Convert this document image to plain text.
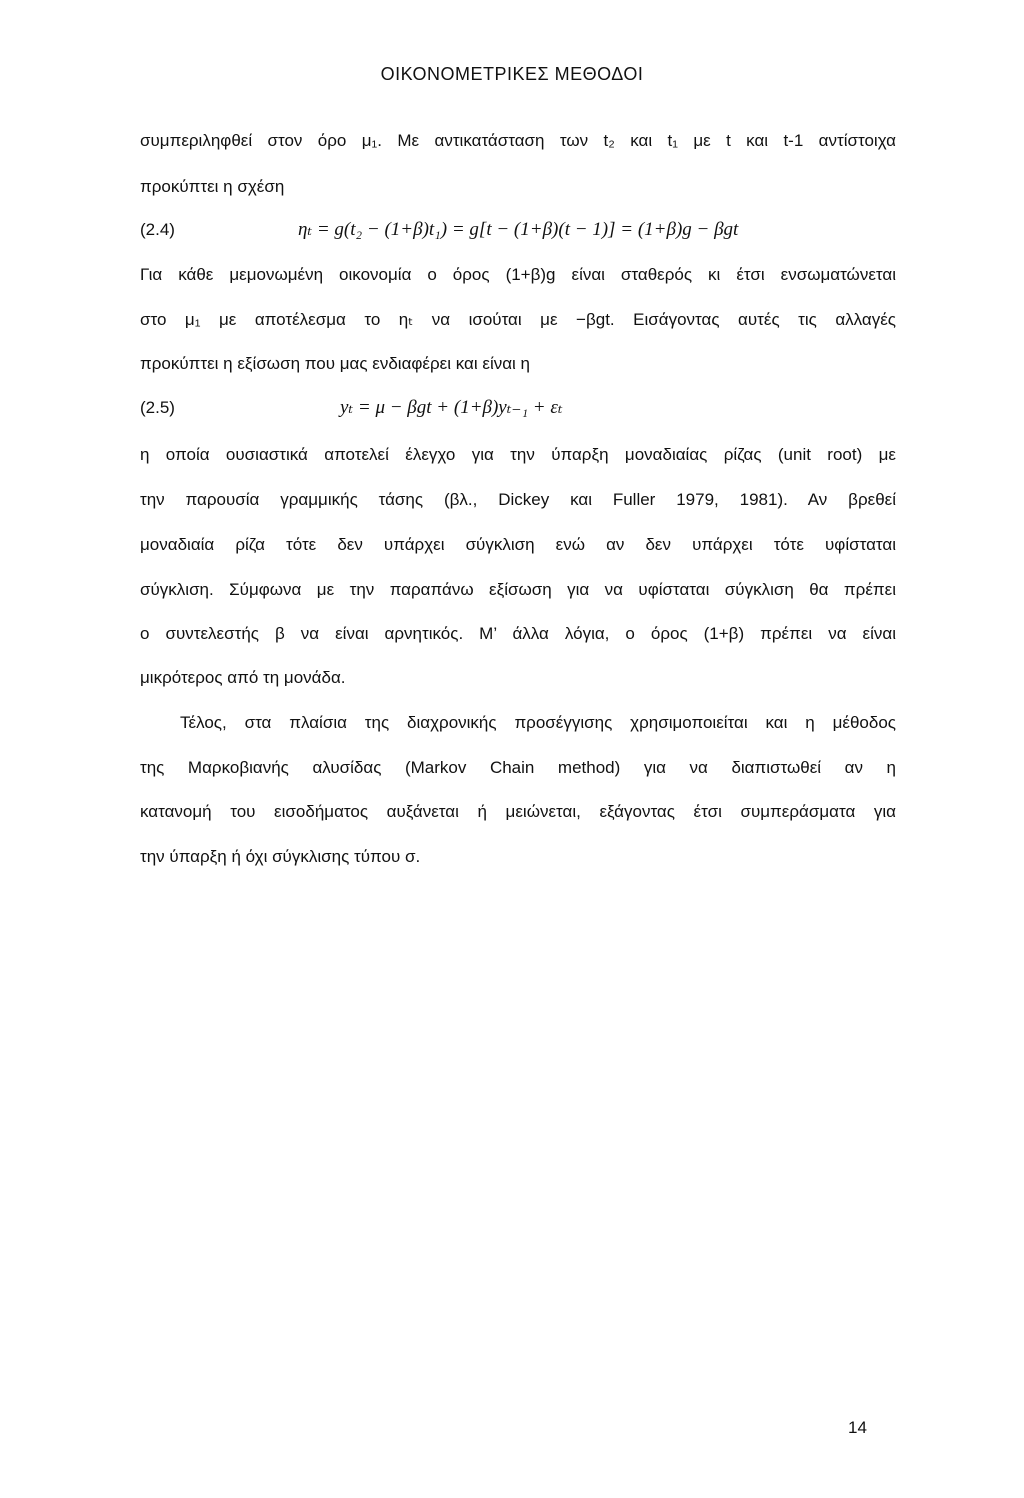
ΟΙΚΟΝΟΜΕΤΡΙΚΕΣ ΜΕΘΟΔΟΙ
συμπεριληφθεί στον όρο μ₁. Με αντικατάσταση των t₂ και t₁ με t και t-1 αντίστοιχα
προκύπτει η σχέση
(2.4)	ηₜ = g(t₂ − (1+β)t₁) = g[t − (1+β)(t − 1)] = (1+β)g − βgt
Για κάθε μεμονωμένη οικονομία ο όρος (1+β)g είναι σταθερός κι έτσι ενσωματώνεται
στο μ₁ με αποτέλεσμα το ηₜ να ισούται με −βgt. Εισάγοντας αυτές τις αλλαγές
προκύπτει η εξίσωση που μας ενδιαφέρει και είναι η
(2.5)	yₜ = μ − βgt + (1+β)yₜ₋₁ + εₜ
η οποία ουσιαστικά αποτελεί έλεγχο για την ύπαρξη μοναδιαίας ρίζας (unit root) με
την παρουσία γραμμικής τάσης (βλ., Dickey και Fuller 1979, 1981). Αν βρεθεί
μοναδιαία ρίζα τότε δεν υπάρχει σύγκλιση ενώ αν δεν υπάρχει τότε υφίσταται
σύγκλιση. Σύμφωνα με την παραπάνω εξίσωση για να υφίσταται σύγκλιση θα πρέπει
ο συντελεστής β να είναι αρνητικός. Μ’ άλλα λόγια, ο όρος (1+β) πρέπει να είναι
μικρότερος από τη μονάδα.
Τέλος, στα πλαίσια της διαχρονικής προσέγγισης χρησιμοποιείται και η μέθοδος
της Μαρκοβιανής αλυσίδας (Markov Chain method) για να διαπιστωθεί αν η
κατανομή του εισοδήματος αυξάνεται ή μειώνεται, εξάγοντας έτσι συμπεράσματα για
την ύπαρξη ή όχι σύγκλισης τύπου σ.
14
